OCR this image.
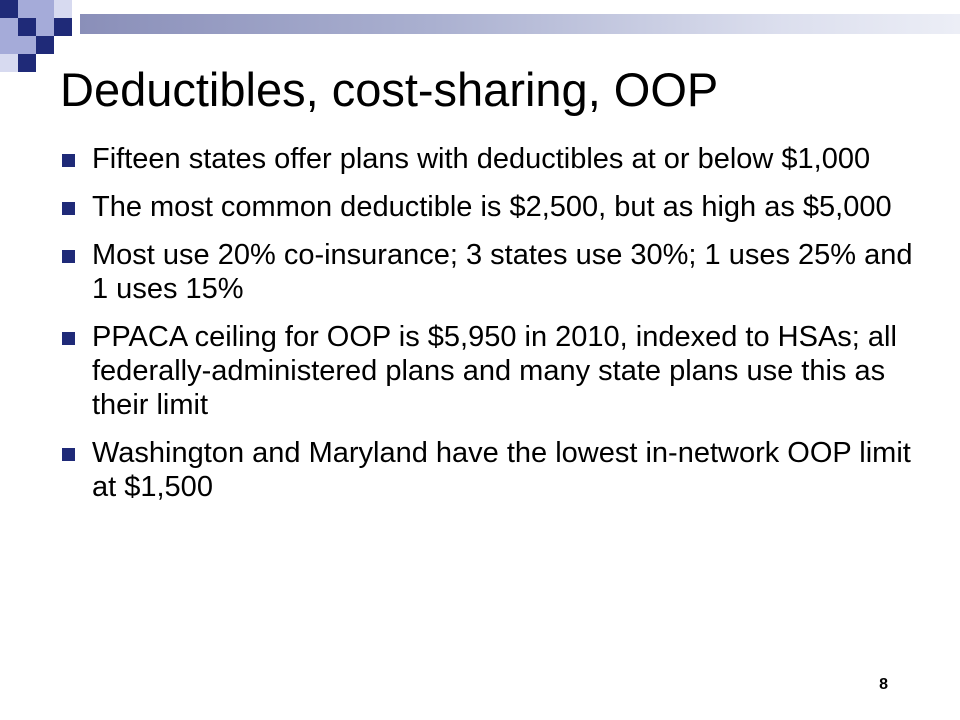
Deductibles, cost-sharing, OOP
Fifteen states offer plans with deductibles at or below $1,000
The most common deductible is $2,500, but as high as $5,000
Most use 20% co-insurance; 3 states use 30%; 1 uses 25% and 1 uses 15%
PPACA ceiling for OOP is $5,950 in 2010, indexed to HSAs; all federally-administered plans and many state plans use this as their limit
Washington and Maryland have the lowest in-network OOP limit at $1,500
8
